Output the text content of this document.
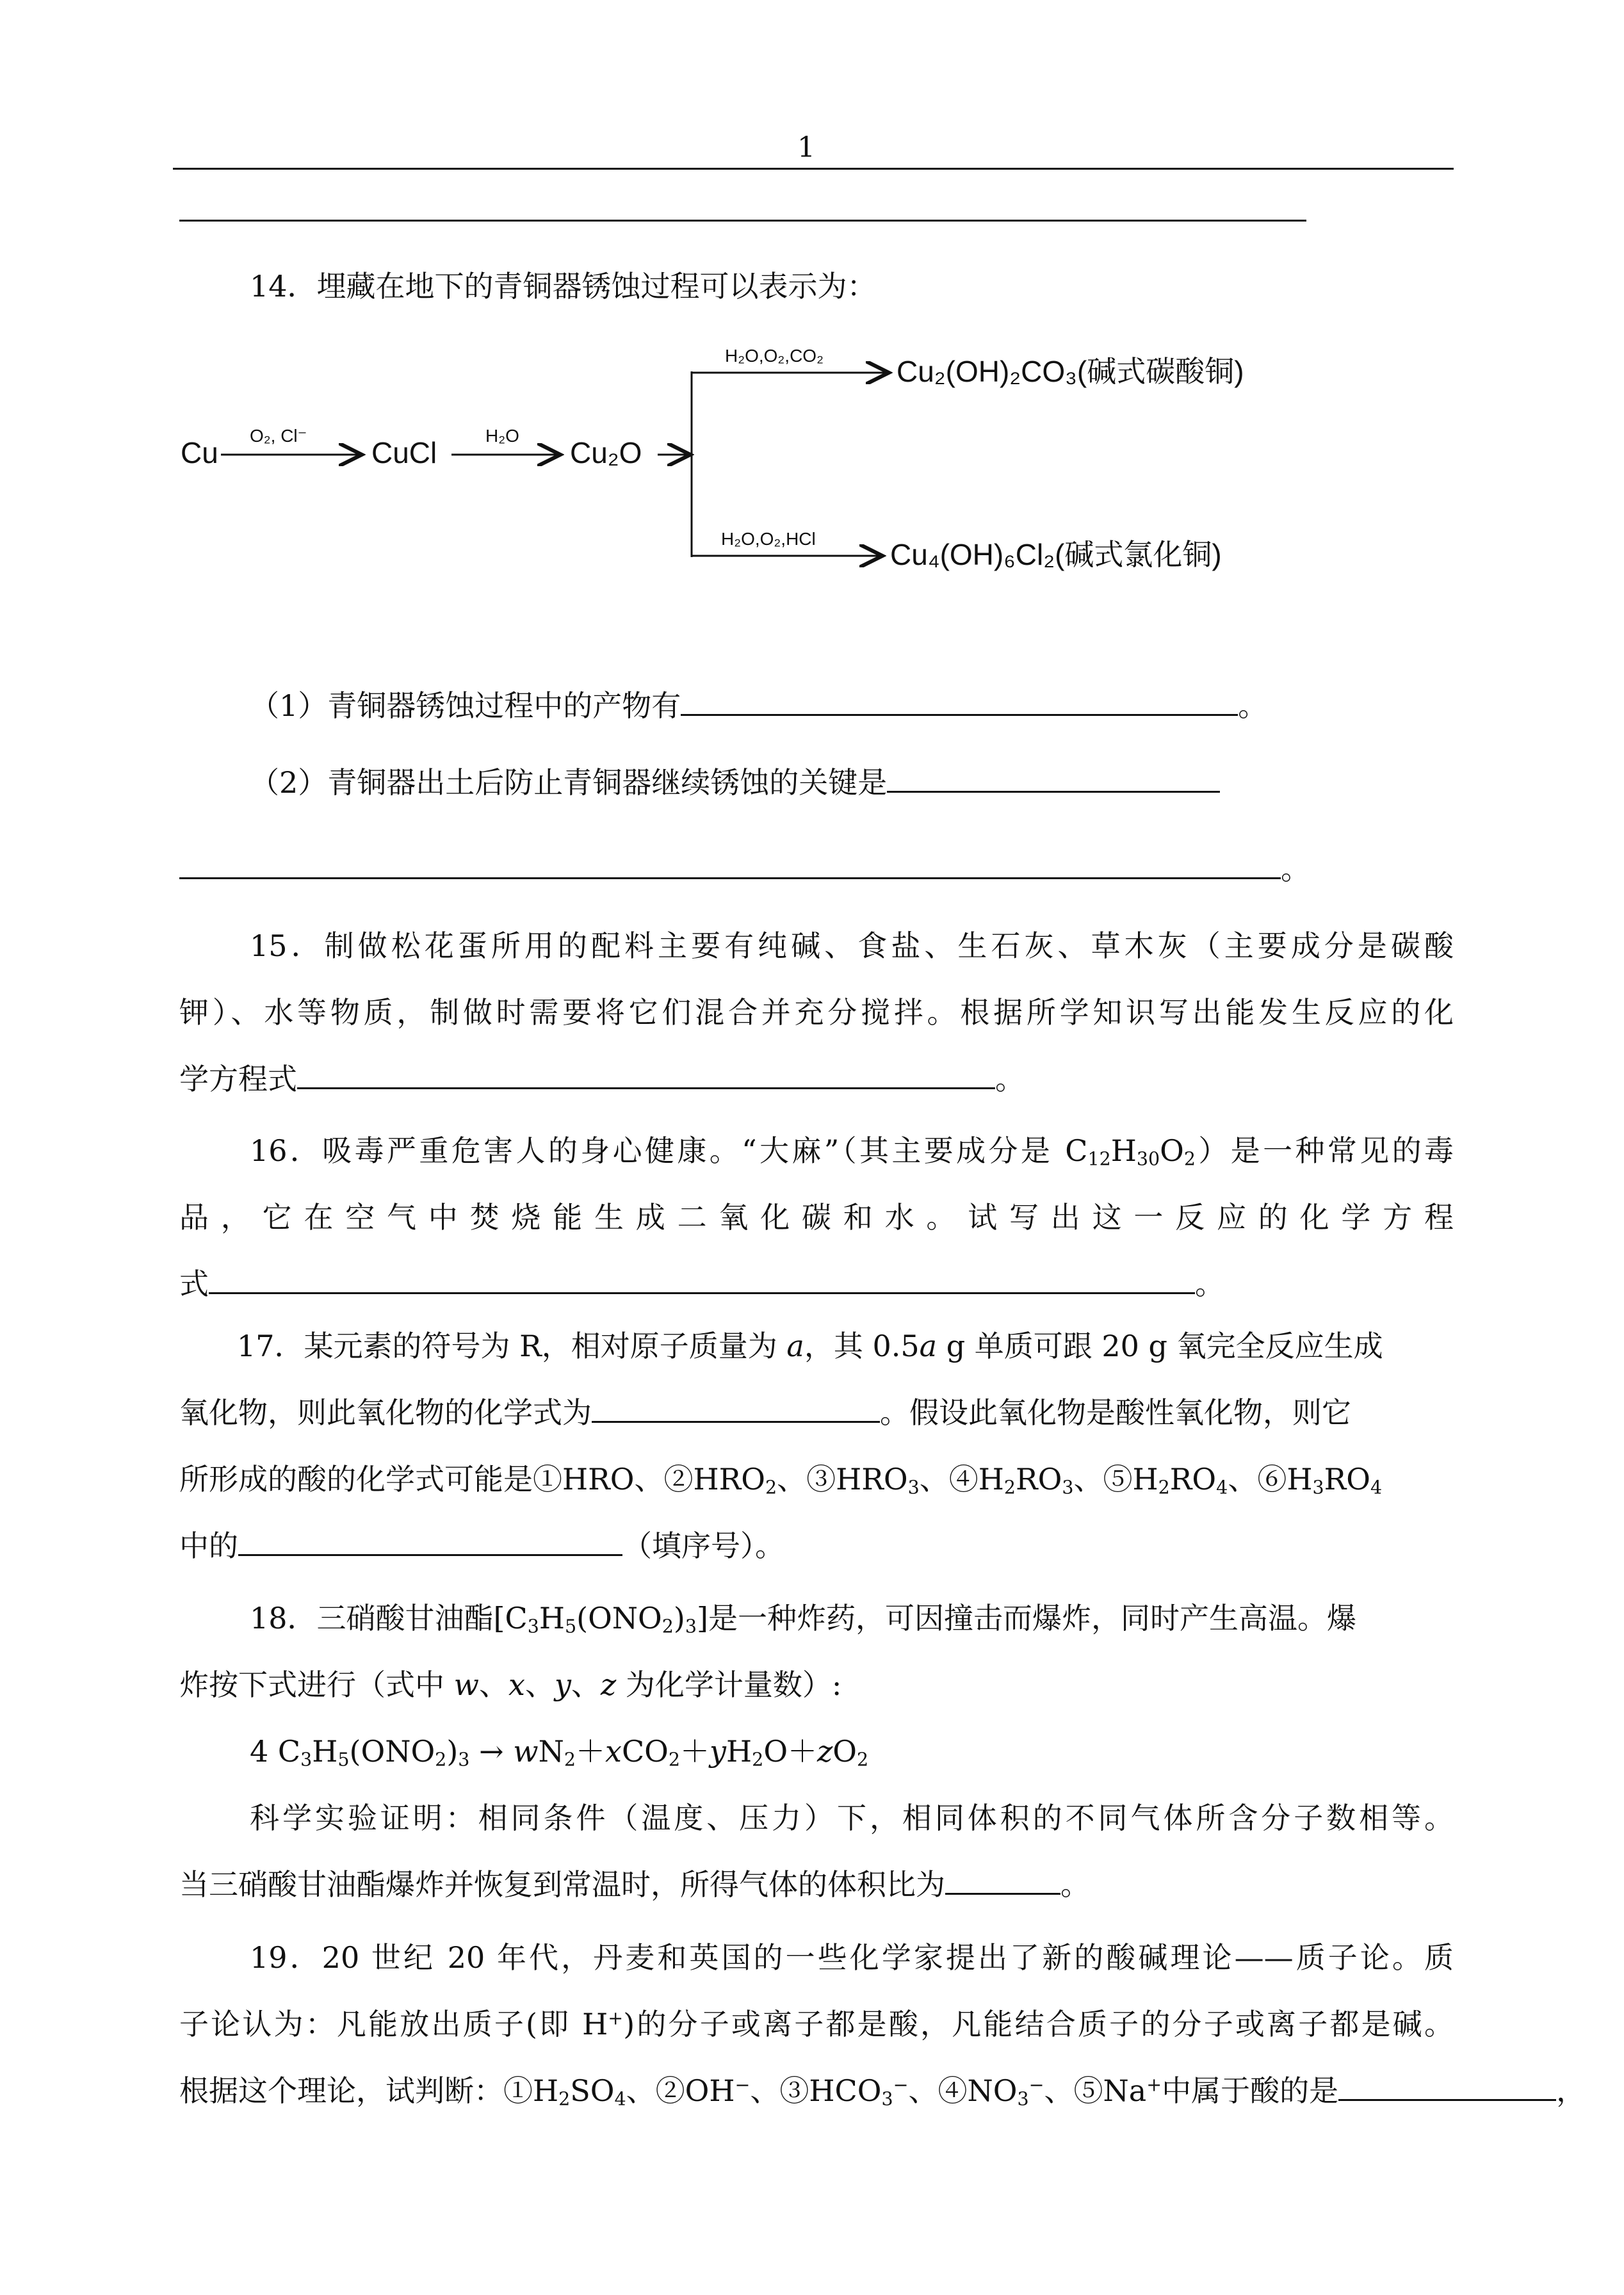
1
14．埋藏在地下的青铜器锈蚀过程可以表示为：
Cu
O₂, Cl⁻
CuCl
H₂O
Cu₂O
H₂O,O₂,CO₂ Cu₂(OH)₂CO₃(碱式碳酸铜)
H₂O,O₂,HCl	Cu₄(OH)₆Cl₂(碱式氯化铜)
（1）青铜器锈蚀过程中的产物有	。
（2）青铜器出土后防止青铜器继续锈蚀的关键是
。
15．制做松花蛋所用的配料主要有纯碱、食盐、生石灰、草木灰（主要成分是碳酸
钾）、水等物质，制做时需要将它们混合并充分搅拌。根据所学知识写出能发生反应的化
学方程式	。
16．吸毒严重危害人的身心健康。“大麻”（其主要成分是 $C_{12}H_{30}O_2$）是一种常见的毒
品，它在空气中焚烧能生成二氧化碳和水。试写出这一反应的化学方程
式	。
17．某元素的符号为 R，相对原子质量为 a，其 0.5a g 单质可跟 20 g 氧完全反应生成
氧化物，则此氧化物的化学式为	。假设此氧化物是酸性氧化物，则它
所形成的酸的化学式可能是①HRO、$②HRO_2$、$③HRO_3$、$④H_2RO_3$、$⑤H_2RO_4$、$⑥H_3RO_4$
中的	（填序号）。
18．三硝酸甘油酯$[C_3H_5(ONO_2)_3]$是一种炸药，可因撞击而爆炸，同时产生高温。爆
炸按下式进行（式中 w、x、y、z 为化学计量数）:
4 $C_3H_5(ONO_2)_3 \to wN_2+xCO_2+yH_2O+zO_2$
科学实验证明：相同条件（温度、压力）下，相同体积的不同气体所含分子数相等。
当三硝酸甘油酯爆炸并恢复到常温时，所得气体的体积比为	。
19．20 世纪 20 年代，丹麦和英国的一些化学家提出了新的酸碱理论——质子论。质
子论认为：凡能放出质子(即 H+)的分子或离子都是酸，凡能结合质子的分子或离子都是碱。
根据这个理论，试判断：$①H_2SO_4$、②OH−、$③HCO_3^-$、$④NO_3^-$、⑤Na+中属于酸的是	，
